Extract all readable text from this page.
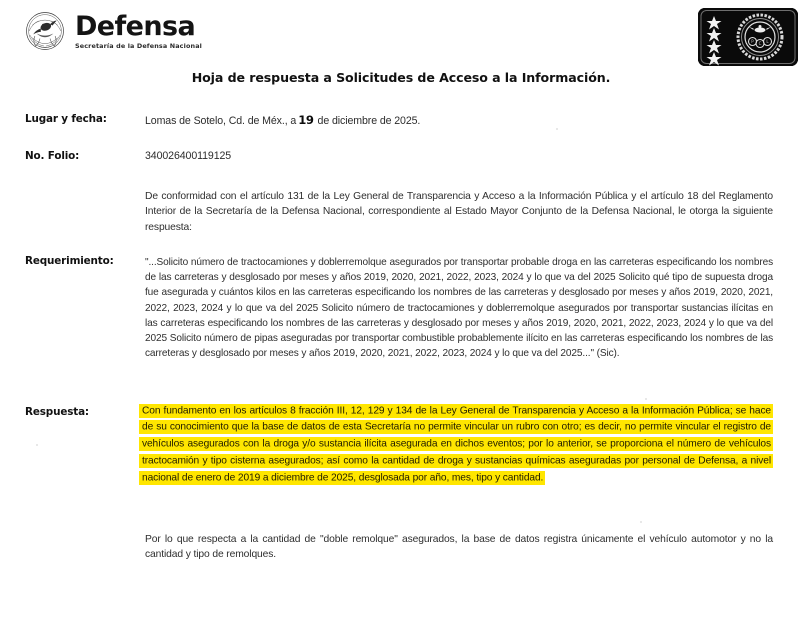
Defensa
Secretaría de la Defensa Nacional
P C L
Hoja de respuesta a Solicitudes de Acceso a la Información.
Lugar y fecha:	Lomas de Sotelo, Cd. de Méx., a 19 de diciembre de 2025.
No. Folio:	340026400119125
De conformidad con el artículo 131 de la Ley General de Transparencia y Acceso a la Información Pública y el artículo 18 del Reglamento Interior de la Secretaría de la Defensa Nacional, correspondiente al Estado Mayor Conjunto de la Defensa Nacional, le otorga la siguiente respuesta:
Requerimiento:	"...Solicito número de tractocamiones y doblerremolque asegurados por transportar probable droga en las carreteras especificando los nombres de las carreteras y desglosado por meses y años 2019, 2020, 2021, 2022, 2023, 2024 y lo que va del 2025 Solicito qué tipo de supuesta droga fue asegurada y cuántos kilos en las carreteras especificando los nombres de las carreteras y desglosado por meses y años 2019, 2020, 2021, 2022, 2023, 2024 y lo que va del 2025 Solicito número de tractocamiones y doblerremolque asegurados por transportar sustancias ilícitas en las carreteras especificando los nombres de las carreteras y desglosado por meses y años 2019, 2020, 2021, 2022, 2023, 2024 y lo que va del 2025 Solicito número de pipas aseguradas por transportar combustible probablemente ilícito en las carreteras especificando los nombres de las carreteras y desglosado por meses y años 2019, 2020, 2021, 2022, 2023, 2024 y lo que va del 2025..." (Sic).
Respuesta:	Con fundamento en los artículos 8 fracción III, 12, 129 y 134 de la Ley General de Transparencia y Acceso a la Información Pública; se hace de su conocimiento que la base de datos de esta Secretaría no permite vincular un rubro con otro; es decir, no permite vincular el registro de vehículos asegurados con la droga y/o sustancia ilícita asegurada en dichos eventos; por lo anterior, se proporciona el número de vehículos tractocamión y tipo cisterna asegurados; así como la cantidad de droga y sustancias químicas aseguradas por personal de Defensa, a nivel nacional de enero de 2019 a diciembre de 2025, desglosada por año, mes, tipo y cantidad.
Por lo que respecta a la cantidad de "doble remolque" asegurados, la base de datos registra únicamente el vehículo automotor y no la cantidad y tipo de remolques.
